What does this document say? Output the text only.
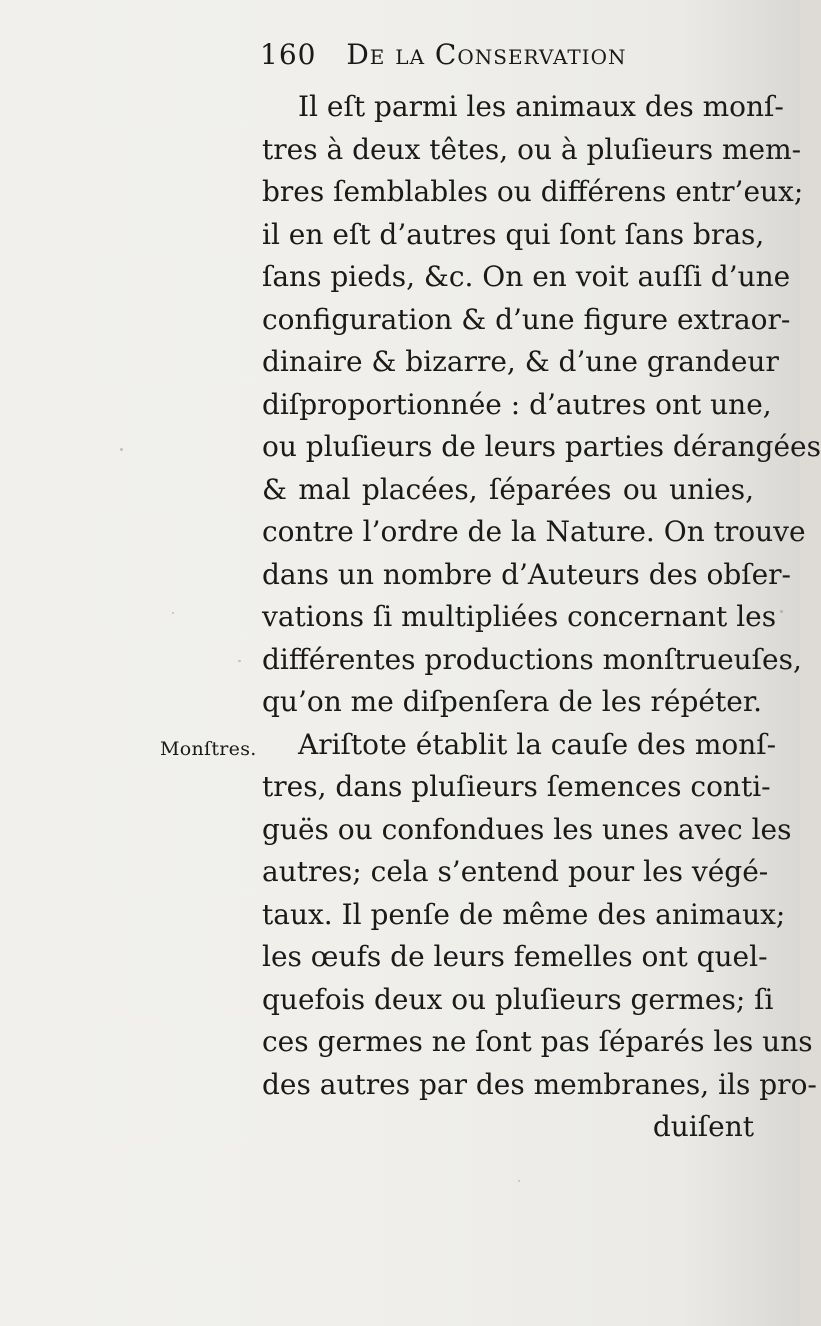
160 De la Conservation
Monſtres.
Il eſt parmi les animaux des monſ-
tres à deux têtes, ou à pluſieurs mem-
bres ſemblables ou différens entr’eux;
il en eſt d’autres qui ſont ſans bras,
ſans pieds, &c. On en voit auſſi d’une
configuration & d’une figure extraor-
dinaire & bizarre, & d’une grandeur
diſproportionnée : d’autres ont une,
ou pluſieurs de leurs parties dérangées
& mal placées, ſéparées ou unies,
contre l’ordre de la Nature. On trouve
dans un nombre d’Auteurs des obſer-
vations ſi multipliées concernant les
différentes productions monſtrueuſes,
qu’on me diſpenſera de les répéter.
Ariſtote établit la cauſe des monſ-
tres, dans pluſieurs ſemences conti-
guës ou confondues les unes avec les
autres; cela s’entend pour les végé-
taux. Il penſe de même des animaux;
les œufs de leurs femelles ont quel-
quefois deux ou pluſieurs germes; ſi
ces germes ne ſont pas ſéparés les uns
des autres par des membranes, ils pro-
duiſent
